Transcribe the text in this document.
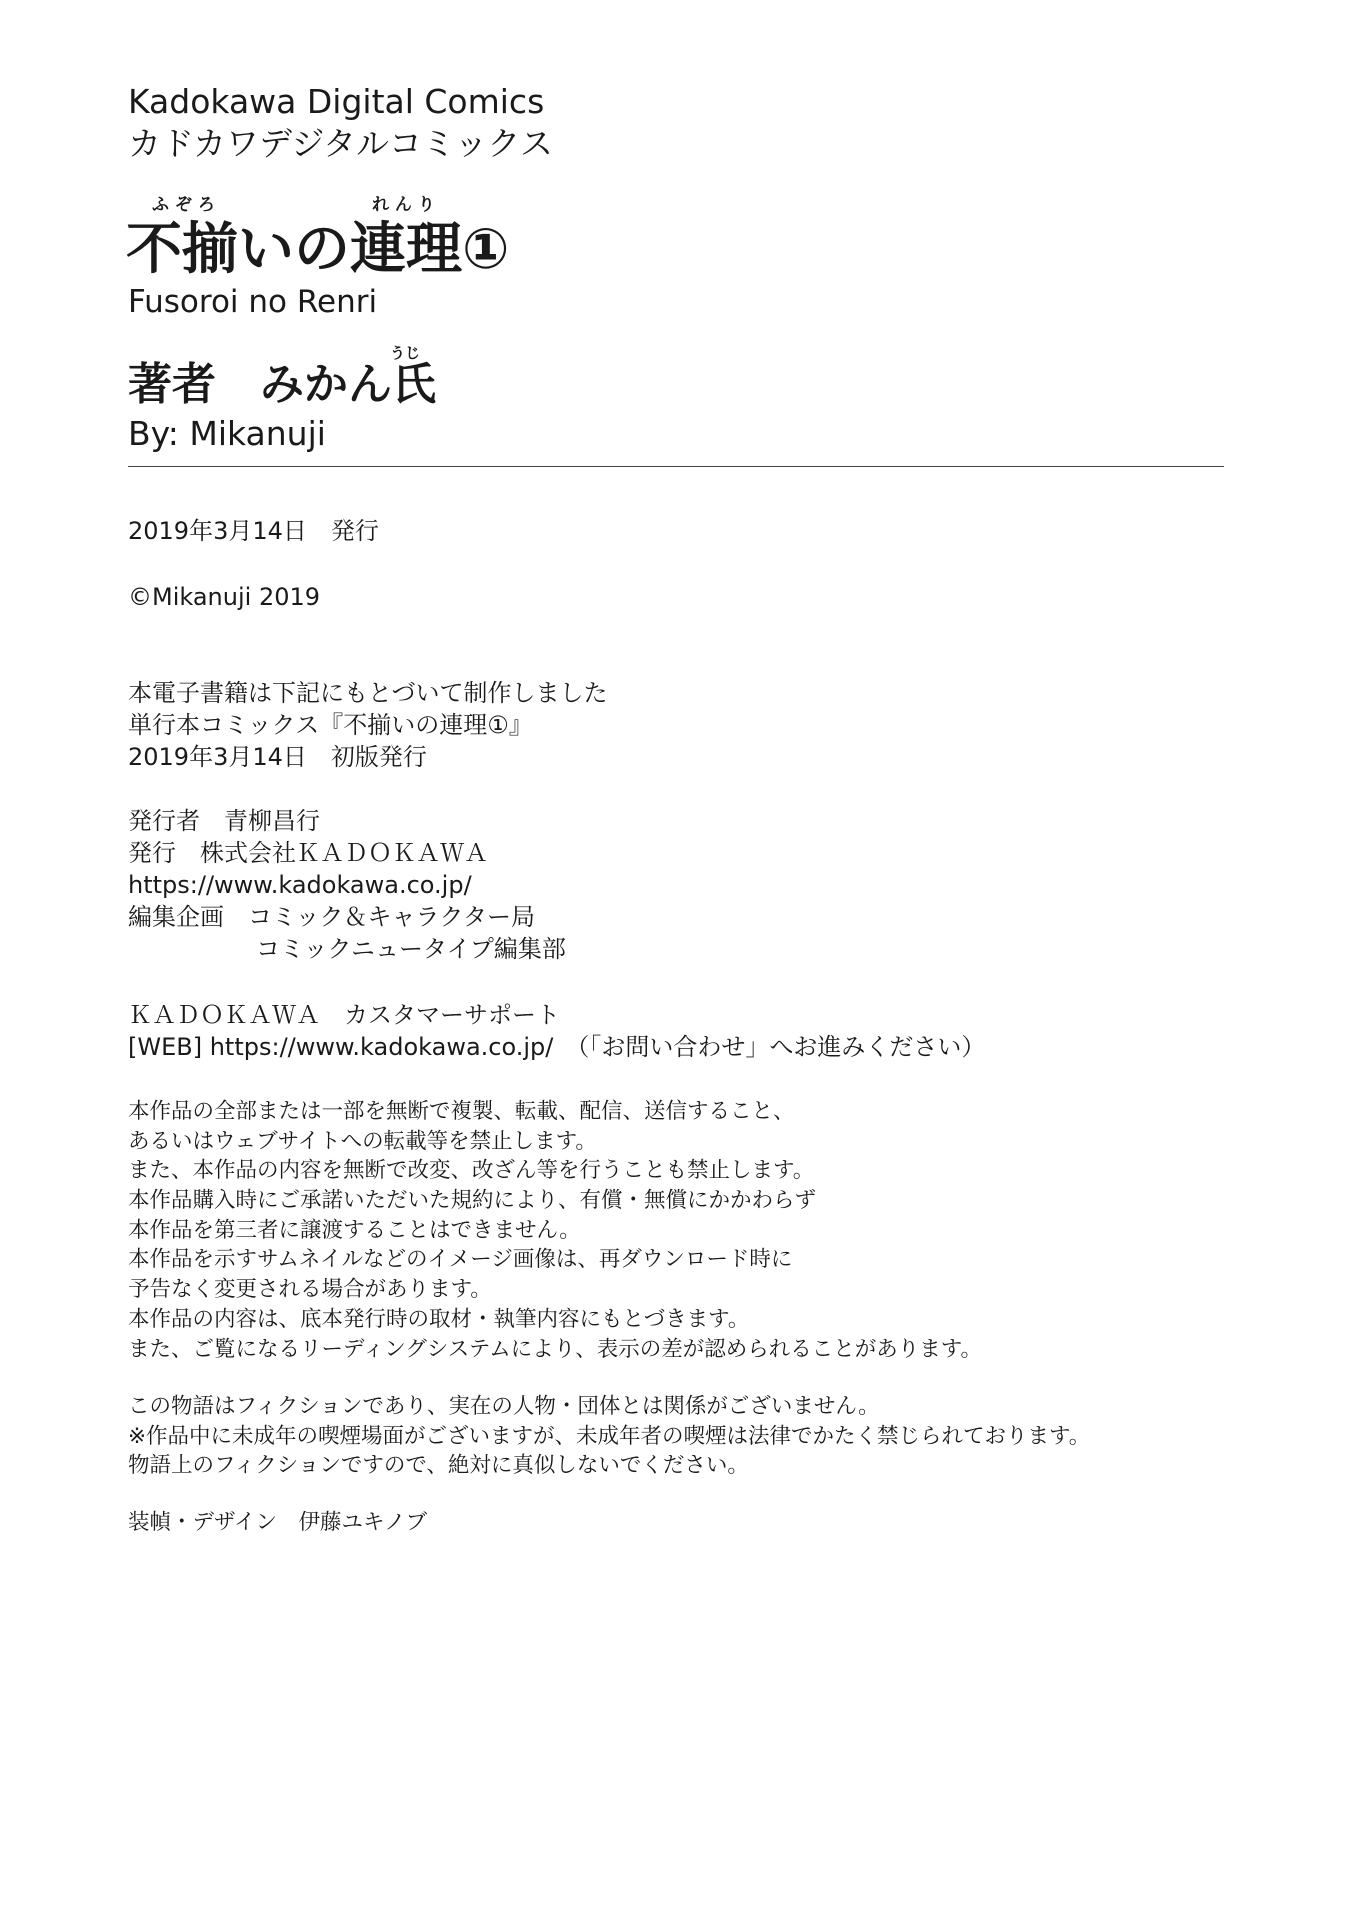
Kadokawa Digital Comics
カドカワデジタルコミックス
ふ ぞ ろ	れ ん り
不揃いの連理①
Fusoroi no Renri
うじ
著者 みかん氏
By: Mikanuji
2019年3月14日　発行
©Mikanuji 2019
本電子書籍は下記にもとづいて制作しました
単行本コミックス『不揃いの連理①』
2019年3月14日　初版発行
発行者　青柳昌行
発行　株式会社ＫＡＤＯＫＡＷＡ
https://www.kadokawa.co.jp/
編集企画　コミック＆キャラクター局
コミックニュータイプ編集部
ＫＡＤＯＫＡＷＡ　カスタマーサポート
[WEB] https://www.kadokawa.co.jp/　（「お問い合わせ」へお進みください）
本作品の全部または一部を無断で複製、転載、配信、送信すること、
あるいはウェブサイトへの転載等を禁止します。
また、本作品の内容を無断で改変、改ざん等を行うことも禁止します。
本作品購入時にご承諾いただいた規約により、有償・無償にかかわらず
本作品を第三者に譲渡することはできません。
本作品を示すサムネイルなどのイメージ画像は、再ダウンロード時に
予告なく変更される場合があります。
本作品の内容は、底本発行時の取材・執筆内容にもとづきます。
また、ご覧になるリーディングシステムにより、表示の差が認められることがあります。
この物語はフィクションであり、実在の人物・団体とは関係がございません。
※作品中に未成年の喫煙場面がございますが、未成年者の喫煙は法律でかたく禁じられております。
物語上のフィクションですので、絶対に真似しないでください。
装幀・デザイン　伊藤ユキノブ
